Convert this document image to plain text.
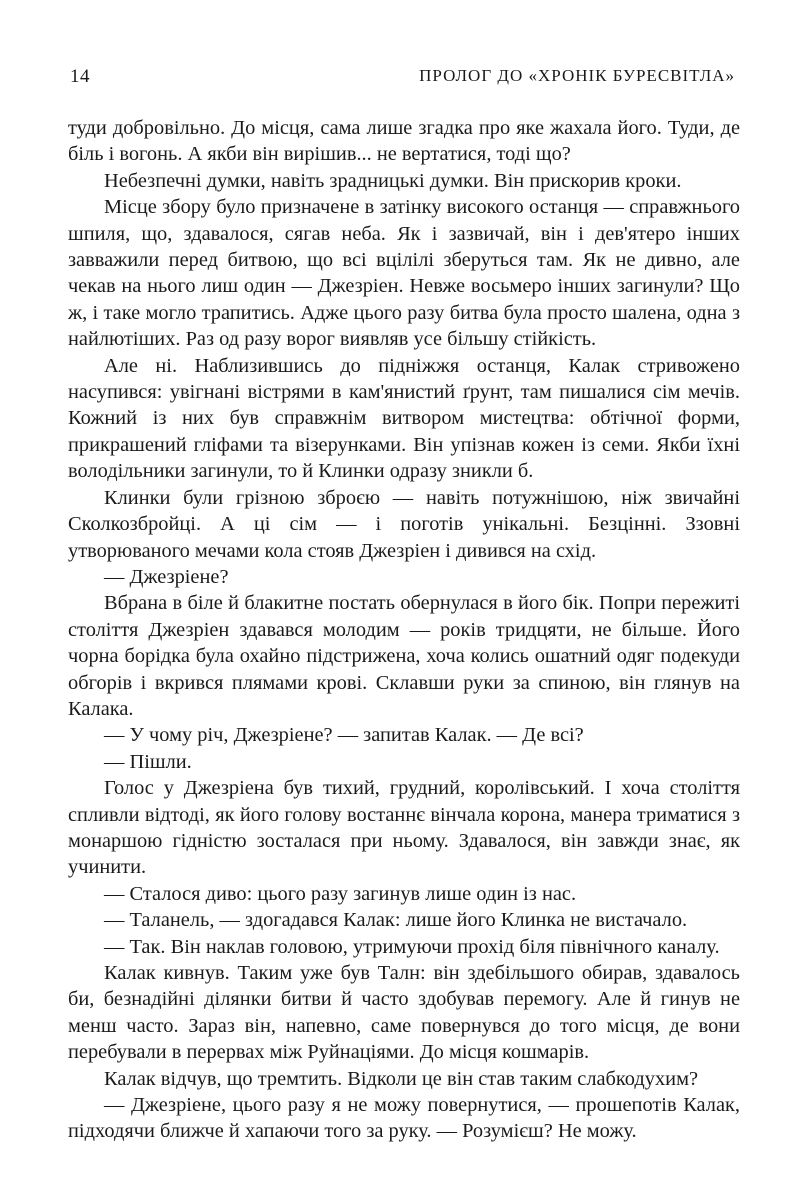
14	ПРОЛОГ ДО «ХРОНІК БУРЕСВІТЛА»

туди добровільно. До місця, сама лише згадка про яке жахала його. Туди, де біль і вогонь. А якби він вирішив... не вертатися, тоді що?

Небезпечні думки, навіть зрадницькі думки. Він прискорив кроки.

Місце збору було призначене в затінку високого останця — справжнього шпиля, що, здавалося, сягав неба. Як і зазвичай, він і дев'ятеро інших завважили перед битвою, що всі вцілілі зберуться там. Як не дивно, але чекав на нього лиш один — Джезріен. Невже восьмеро інших загинули? Що ж, і таке могло трапитись. Адже цього разу битва була просто шалена, одна з найлютіших. Раз од разу ворог виявляв усе більшу стійкість.

Але ні. Наблизившись до підніжжя останця, Калак стривожено насупився: увігнані вістрями в кам'янистий ґрунт, там пишалися сім мечів. Кожний із них був справжнім витвором мистецтва: обтічної форми, прикрашений гліфами та візерунками. Він упізнав кожен із семи. Якби їхні володільники загинули, то й Клинки одразу зникли б.

Клинки були грізною зброєю — навіть потужнішою, ніж звичайні Сколкозбройці. А ці сім — і поготів унікальні. Безцінні. Ззовні утворюваного мечами кола стояв Джезріен і дивився на схід.

— Джезріене?

Вбрана в біле й блакитне постать обернулася в його бік. Попри пережиті століття Джезріен здавався молодим — років тридцяти, не більше. Його чорна борідка була охайно підстрижена, хоча колись ошатний одяг подекуди обгорів і вкрився плямами крові. Склавши руки за спиною, він глянув на Калака.

— У чому річ, Джезріене? — запитав Калак. — Де всі?

— Пішли.

Голос у Джезріена був тихий, грудний, королівський. І хоча століття спливли відтоді, як його голову востаннє вінчала корона, манера триматися з монаршою гідністю зосталася при ньому. Здавалося, він завжди знає, як учинити.

— Сталося диво: цього разу загинув лише один із нас.

— Таланель, — здогадався Калак: лише його Клинка не вистачало.

— Так. Він наклав головою, утримуючи прохід біля північного каналу.

Калак кивнув. Таким уже був Талн: він здебільшого обирав, здавалось би, безнадійні ділянки битви й часто здобував перемогу. Але й гинув не менш часто. Зараз він, напевно, саме повернувся до того місця, де вони перебували в перервах між Руйнаціями. До місця кошмарів.

Калак відчув, що тремтить. Відколи це він став таким слабкодухим?

— Джезріене, цього разу я не можу повернутися, — прошепотів Калак, підходячи ближче й хапаючи того за руку. — Розумієш? Не можу.
